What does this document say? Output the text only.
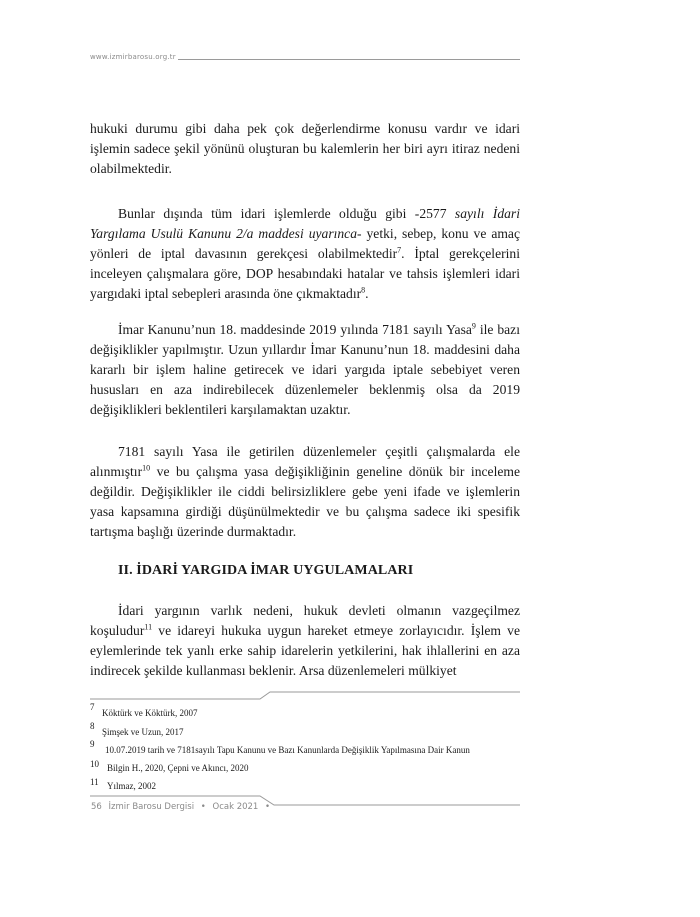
www.izmirbarosu.org.tr

hukuki durumu gibi daha pek çok değerlendirme konusu vardır ve idari işlemin sadece şekil yönünü oluşturan bu kalemlerin her biri ayrı itiraz nedeni olabilmektedir.

Bunlar dışında tüm idari işlemlerde olduğu gibi -2577 sayılı İdari Yargılama Usulü Kanunu 2/a maddesi uyarınca- yetki, sebep, konu ve amaç yönleri de iptal davasının gerekçesi olabilmektedir$^7$. İptal gerekçelerini inceleyen çalışmalara göre, DOP hesabındaki hatalar ve tahsis işlemleri idari yargıdaki iptal sebepleri arasında öne çıkmaktadır$^8$.

İmar Kanunu’nun 18. maddesinde 2019 yılında 7181 sayılı Yasa$^9$ ile bazı değişiklikler yapılmıştır. Uzun yıllardır İmar Kanunu’nun 18. maddesini daha kararlı bir işlem haline getirecek ve idari yargıda iptale sebebiyet veren hususları en aza indirebilecek düzenlemeler beklenmiş olsa da 2019 değişiklikleri beklentileri karşılamaktan uzaktır.

7181 sayılı Yasa ile getirilen düzenlemeler çeşitli çalışmalarda ele alınmıştır$^{10}$ ve bu çalışma yasa değişikliğinin geneline dönük bir inceleme değildir. Değişiklikler ile ciddi belirsizliklere gebe yeni ifade ve işlemlerin yasa kapsamına girdiği düşünülmektedir ve bu çalışma sadece iki spesifik tartışma başlığı üzerinde durmaktadır.

II. İDARİ YARGIDA İMAR UYGULAMALARI

İdari yargının varlık nedeni, hukuk devleti olmanın vazgeçilmez koşuludur$^{11}$ ve idareyi hukuka uygun hareket etmeye zorlayıcıdır. İşlem ve eylemlerinde tek yanlı erke sahip idarelerin yetkilerini, hak ihlallerini en aza indirecek şekilde kullanması beklenir. Arsa düzenlemeleri mülkiyet

7
Köktürk ve Köktürk, 2007
8
Şimşek ve Uzun, 2017
9
10.07.2019 tarih ve 7181sayılı Tapu Kanunu ve Bazı Kanunlarda Değişiklik Yapılmasına Dair Kanun
10 Bilgin H., 2020, Çepni ve Akıncı, 2020
11 Yılmaz, 2002
56 İzmir Barosu Dergisi • Ocak 2021 •
